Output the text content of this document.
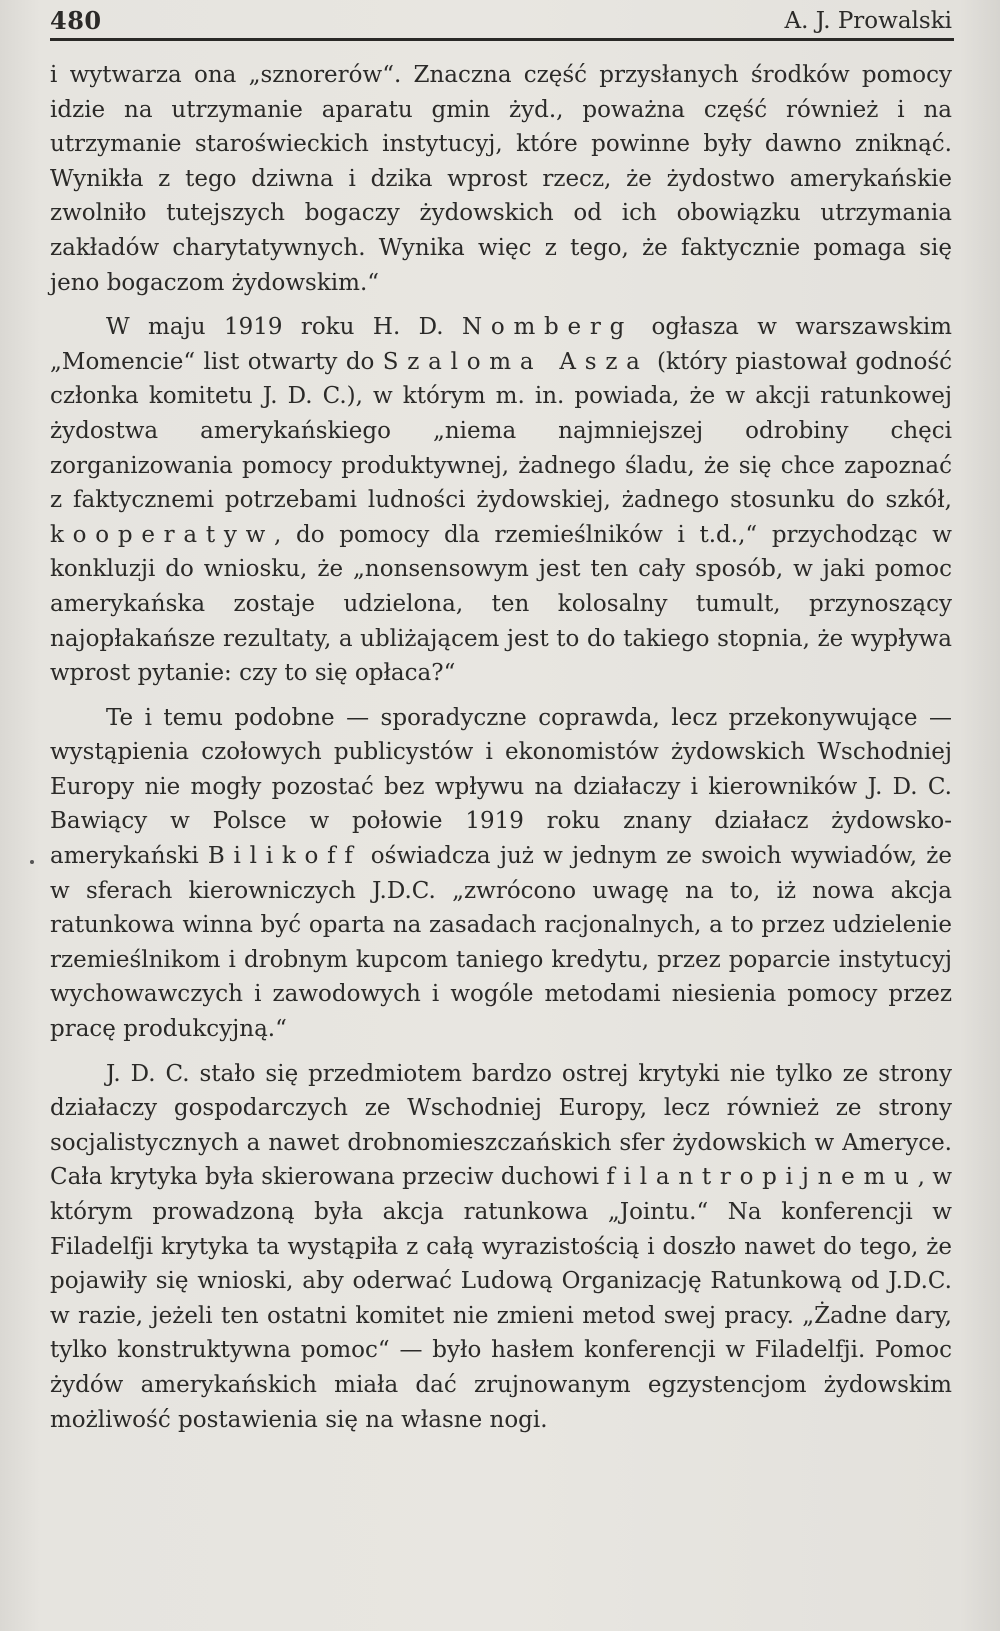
480	A. J. Prowalski

i wytwarza ona „sznorerów“. Znaczna część przysłanych środków pomocy idzie na utrzymanie aparatu gmin żyd., poważna część również i na utrzymanie staroświeckich instytucyj, które powinne były dawno zniknąć. Wynikła z tego dziwna i dzika wprost rzecz, że żydostwo amerykańskie zwolniło tutejszych bogaczy żydowskich od ich obowiązku utrzymania zakładów charytatywnych. Wynika więc z tego, że faktycznie pomaga się jeno bogaczom żydowskim.“

W maju 1919 roku H. D. Nomberg ogłasza w warszawskim „Momencie“ list otwarty do Szaloma Asza (który piastował godność członka komitetu J. D. C.), w którym m. in. powiada, że w akcji ratunkowej żydostwa amerykańskiego „niema najmniejszej odrobiny chęci zorganizowania pomocy produktywnej, żadnego śladu, że się chce zapoznać z faktycznemi potrzebami ludności żydowskiej, żadnego stosunku do szkół, kooperatyw, do pomocy dla rzemieślników i t.d.,“ przychodząc w konkluzji do wniosku, że „nonsensowym jest ten cały sposób, w jaki pomoc amerykańska zostaje udzielona, ten kolosalny tumult, przynoszący najopłakańsze rezultaty, a ubliżającem jest to do takiego stopnia, że wypływa wprost pytanie: czy to się opłaca?“

Te i temu podobne — sporadyczne coprawda, lecz przekonywujące — wystąpienia czołowych publicystów i ekonomistów żydowskich Wschodniej Europy nie mogły pozostać bez wpływu na działaczy i kierowników J. D. C. Bawiący w Polsce w połowie 1919 roku znany działacz żydowsko-amerykański Bilikoff oświadcza już w jednym ze swoich wywiadów, że w sferach kierowniczych J.D.C. „zwrócono uwagę na to, iż nowa akcja ratunkowa winna być oparta na zasadach racjonalnych, a to przez udzielenie rzemieślnikom i drobnym kupcom taniego kredytu, przez poparcie instytucyj wychowawczych i zawodowych i wogóle metodami niesienia pomocy przez pracę produkcyjną.“

J. D. C. stało się przedmiotem bardzo ostrej krytyki nie tylko ze strony działaczy gospodarczych ze Wschodniej Europy, lecz również ze strony socjalistycznych a nawet drobnomieszczańskich sfer żydowskich w Ameryce. Cała krytyka była skierowana przeciw duchowi filantropijnemu, w którym prowadzoną była akcja ratunkowa „Jointu.“ Na konferencji w Filadelfji krytyka ta wystąpiła z całą wyrazistością i doszło nawet do tego, że pojawiły się wnioski, aby oderwać Ludową Organizację Ratunkową od J.D.C. w razie, jeżeli ten ostatni komitet nie zmieni metod swej pracy. „Żadne dary, tylko konstruktywna pomoc“ — było hasłem konferencji w Filadelfji. Pomoc żydów amerykańskich miała dać zrujnowanym egzystencjom żydowskim możliwość postawienia się na własne nogi.
